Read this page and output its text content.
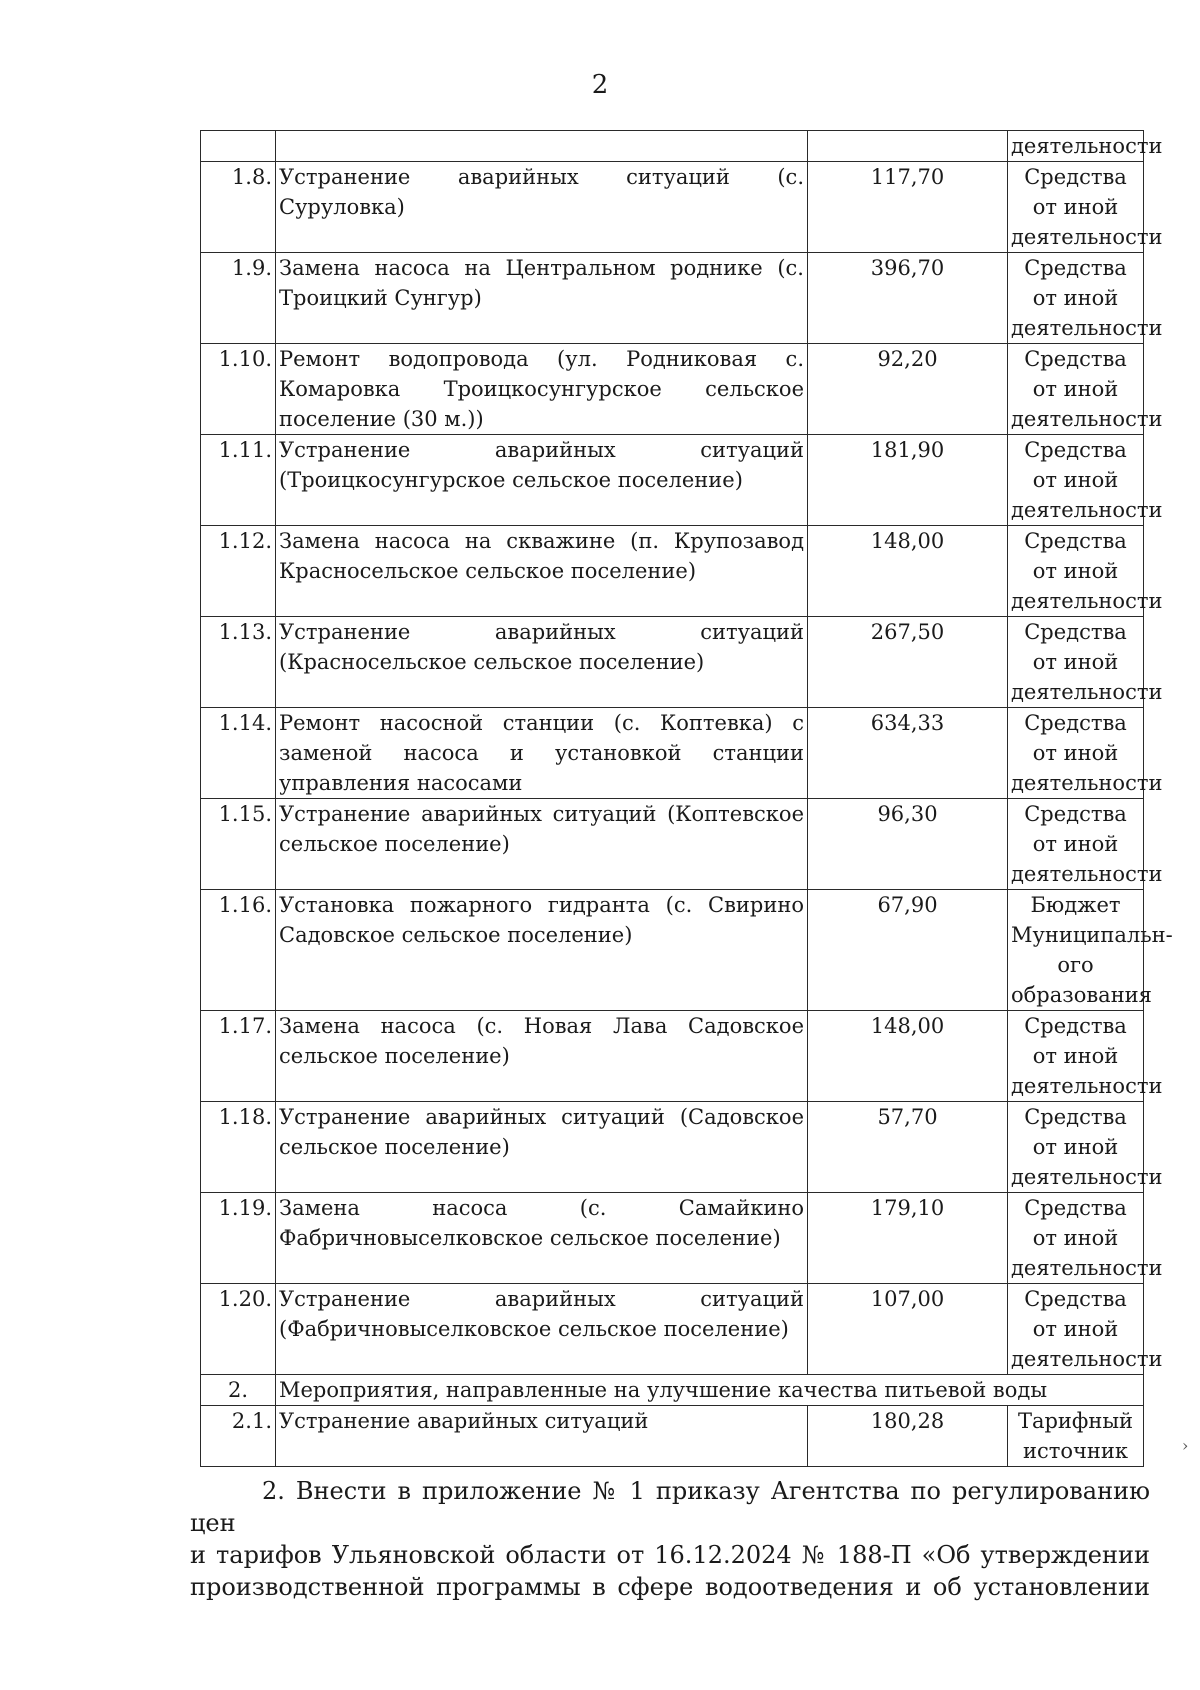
2
			деятельности
1.8.	Устранение аварийных ситуаций (с. Суруловка)	117,70	Средства от иной деятельности
1.9.	Замена насоса на Центральном роднике (с. Троицкий Сунгур)	396,70	Средства от иной деятельности
1.10.	Ремонт водопровода (ул. Родниковая с. Комаровка Троицкосунгурское сельское поселение (30 м.))	92,20	Средства от иной деятельности
1.11.	Устранение аварийных ситуаций (Троицкосунгурское сельское поселение)	181,90	Средства от иной деятельности
1.12.	Замена насоса на скважине (п. Крупозавод Красносельское сельское поселение)	148,00	Средства от иной деятельности
1.13.	Устранение аварийных ситуаций (Красносельское сельское поселение)	267,50	Средства от иной деятельности
1.14.	Ремонт насосной станции (с. Коптевка) с заменой насоса и установкой станции управления насосами	634,33	Средства от иной деятельности
1.15.	Устранение аварийных ситуаций (Коптевское сельское поселение)	96,30	Средства от иной деятельности
1.16.	Установка пожарного гидранта (с. Свирино Садовское сельское поселение)	67,90	Бюджет Муниципальн-ого образования
1.17.	Замена насоса (с. Новая Лава Садовское сельское поселение)	148,00	Средства от иной деятельности
1.18.	Устранение аварийных ситуаций (Садовское сельское поселение)	57,70	Средства от иной деятельности
1.19.	Замена насоса (с. Самайкино Фабричновыселковское сельское поселение)	179,10	Средства от иной деятельности
1.20.	Устранение аварийных ситуаций (Фабричновыселковское сельское поселение)	107,00	Средства от иной деятельности
2.	Мероприятия, направленные на улучшение качества питьевой воды		
2.1.	Устранение аварийных ситуаций	180,28	Тарифный источник
2. Внести в приложение № 1 приказу Агентства по регулированию цен
и тарифов Ульяновской области от 16.12.2024 № 188-П «Об утверждении
производственной программы в сфере водоотведения и об установлении
›
